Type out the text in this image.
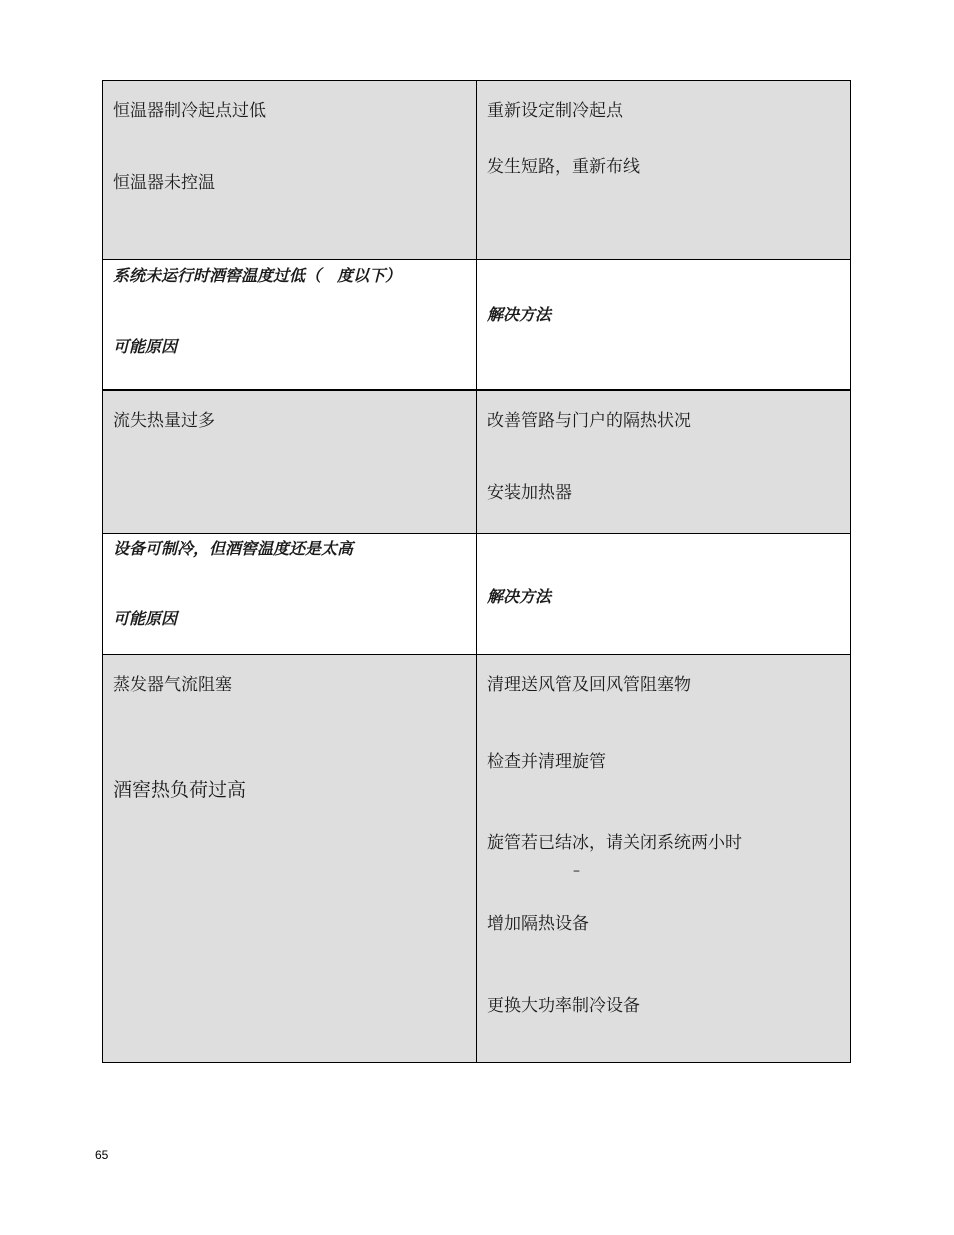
恒温器制冷起点过低
恒温器未控温
重新设定制冷起点
发生短路，重新布线
系统未运行时酒窖温度过低（　度以下）
可能原因
解决方法
流失热量过多	改善管路与门户的隔热状况
安装加热器
设备可制冷，但酒窖温度还是太高
可能原因
解决方法
蒸发器气流阻塞
酒窖热负荷过高
清理送风管及回风管阻塞物
检查并清理旋管
旋管若已结冰，请关闭系统两小时
–
增加隔热设备
更换大功率制冷设备
65
